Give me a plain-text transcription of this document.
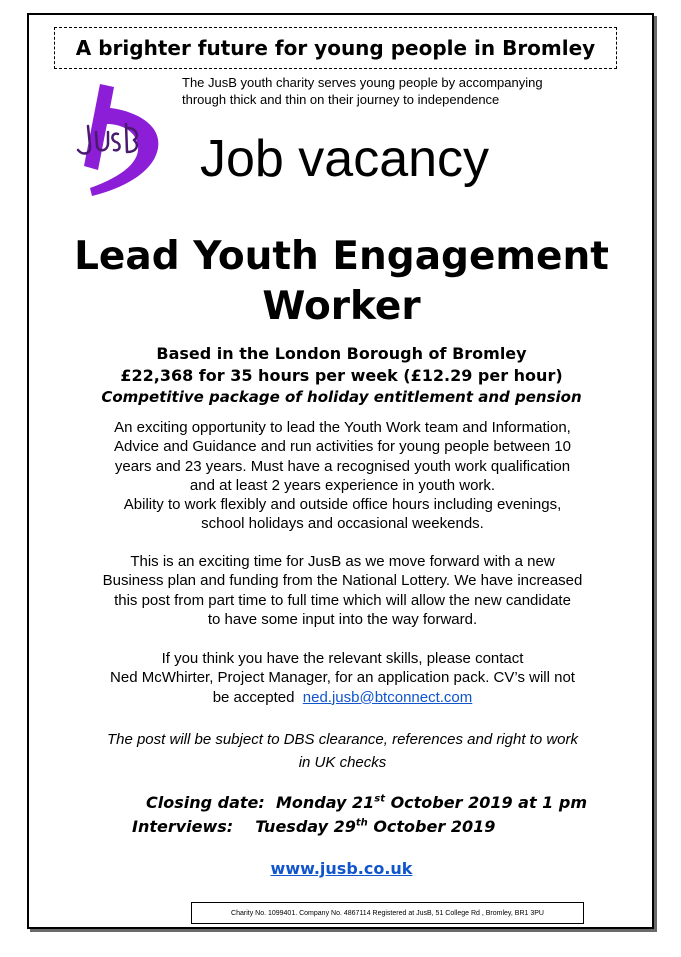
A brighter future for young people in Bromley
The JusB youth charity serves young people by accompanying
through thick and thin on their journey to independence
Job vacancy
Lead Youth Engagement
Worker
Based in the London Borough of Bromley
£22,368 for 35 hours per week (£12.29 per hour)
Competitive package of holiday entitlement and pension
An exciting opportunity to lead the Youth Work team and Information,
Advice and Guidance and run activities for young people between 10
years and 23 years. Must have a recognised youth work qualification
and at least 2 years experience in youth work.
Ability to work flexibly and outside office hours including evenings,
school holidays and occasional weekends.
This is an exciting time for JusB as we move forward with a new
Business plan and funding from the National Lottery. We have increased
this post from part time to full time which will allow the new candidate
to have some input into the way forward.
If you think you have the relevant skills, please contact
Ned McWhirter, Project Manager, for an application pack. CV’s will not
be accepted ned.jusb@btconnect.com
The post will be subject to DBS clearance, references and right to work
in UK checks
Closing date: Monday 21st October 2019 at 1 pm
Interviews: Tuesday 29th October 2019
www.jusb.co.uk
Charity No. 1099401. Company No. 4867114 Registered at JusB, 51 College Rd , Bromley, BR1 3PU
